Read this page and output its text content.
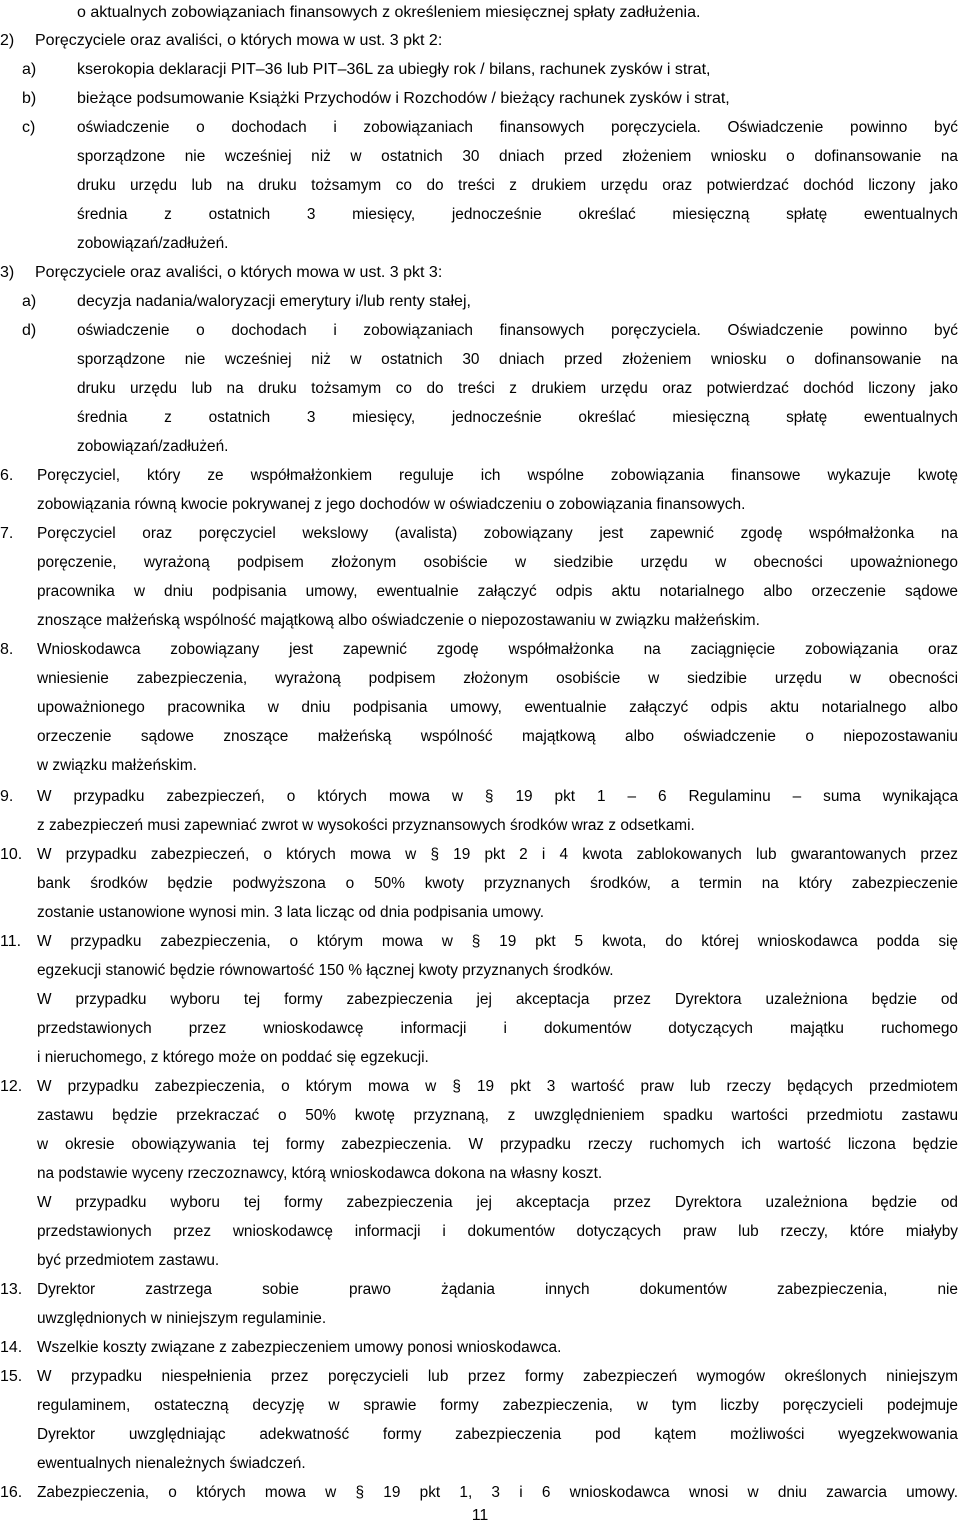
o aktualnych zobowiązaniach finansowych z określeniem miesięcznej spłaty zadłużenia.
2) Poręczyciele oraz avaliści, o których mowa w ust. 3 pkt 2:
a)	kserokopia deklaracji PIT–36 lub PIT–36L za ubiegły rok / bilans, rachunek zysków i strat,
b)	bieżące podsumowanie Książki Przychodów i Rozchodów / bieżący rachunek zysków i strat,
c)	oświadczenie o dochodach i zobowiązaniach finansowych poręczyciela. Oświadczenie powinno być
sporządzone nie wcześniej niż w ostatnich 30 dniach przed złożeniem wniosku o dofinansowanie na
druku urzędu lub na druku tożsamym co do treści z drukiem urzędu oraz potwierdzać dochód liczony jako
średnia z ostatnich 3 miesięcy, jednocześnie określać miesięczną spłatę ewentualnych
zobowiązań/zadłużeń.
3) Poręczyciele oraz avaliści, o których mowa w ust. 3 pkt 3:
a)	decyzja nadania/waloryzacji emerytury i/lub renty stałej,
d)	oświadczenie o dochodach i zobowiązaniach finansowych poręczyciela. Oświadczenie powinno być
sporządzone nie wcześniej niż w ostatnich 30 dniach przed złożeniem wniosku o dofinansowanie na
druku urzędu lub na druku tożsamym co do treści z drukiem urzędu oraz potwierdzać dochód liczony jako
średnia z ostatnich 3 miesięcy, jednocześnie określać miesięczną spłatę ewentualnych
zobowiązań/zadłużeń.
6. Poręczyciel, który ze współmałżonkiem reguluje ich wspólne zobowiązania finansowe wykazuje kwotę
zobowiązania równą kwocie pokrywanej z jego dochodów w oświadczeniu o zobowiązania finansowych.
7. Poręczyciel oraz poręczyciel wekslowy (avalista) zobowiązany jest zapewnić zgodę współmałżonka na
poręczenie, wyrażoną podpisem złożonym osobiście w siedzibie urzędu w obecności upoważnionego
pracownika w dniu podpisania umowy, ewentualnie załączyć odpis aktu notarialnego albo orzeczenie sądowe
znoszące małżeńską wspólność majątkową albo oświadczenie o niepozostawaniu w związku małżeńskim.
8. Wnioskodawca zobowiązany jest zapewnić zgodę współmałżonka na zaciągnięcie zobowiązania oraz
wniesienie zabezpieczenia, wyrażoną podpisem złożonym osobiście w siedzibie urzędu w obecności
upoważnionego pracownika w dniu podpisania umowy, ewentualnie załączyć odpis aktu notarialnego albo
orzeczenie sądowe znoszące małżeńską wspólność majątkową albo oświadczenie o niepozostawaniu
w związku małżeńskim.
9. W przypadku zabezpieczeń, o których mowa w § 19 pkt 1 – 6 Regulaminu – suma wynikająca
z zabezpieczeń musi zapewniać zwrot w wysokości przyznansowych środków wraz z odsetkami.
10. W przypadku zabezpieczeń, o których mowa w § 19 pkt 2 i 4 kwota zablokowanych lub gwarantowanych przez
bank środków będzie podwyższona o 50% kwoty przyznanych środków, a termin na który zabezpieczenie
zostanie ustanowione wynosi min. 3 lata licząc od dnia podpisania umowy.
11. W przypadku zabezpieczenia, o którym mowa w § 19 pkt 5 kwota, do której wnioskodawca podda się
egzekucji stanowić będzie równowartość 150 % łącznej kwoty przyznanych środków.
W przypadku wyboru tej formy zabezpieczenia jej akceptacja przez Dyrektora uzależniona będzie od
przedstawionych przez wnioskodawcę informacji i dokumentów dotyczących majątku ruchomego
i nieruchomego, z którego może on poddać się egzekucji.
12. W przypadku zabezpieczenia, o którym mowa w § 19 pkt 3 wartość praw lub rzeczy będących przedmiotem
zastawu będzie przekraczać o 50% kwotę przyznaną, z uwzględnieniem spadku wartości przedmiotu zastawu
w okresie obowiązywania tej formy zabezpieczenia. W przypadku rzeczy ruchomych ich wartość liczona będzie
na podstawie wyceny rzeczoznawcy, którą wnioskodawca dokona na własny koszt.
W przypadku wyboru tej formy zabezpieczenia jej akceptacja przez Dyrektora uzależniona będzie od
przedstawionych przez wnioskodawcę informacji i dokumentów dotyczących praw lub rzeczy, które miałyby
być przedmiotem zastawu.
13. Dyrektor zastrzega sobie prawo żądania innych dokumentów zabezpieczenia, nie
uwzględnionych w niniejszym regulaminie.
14. Wszelkie koszty związane z zabezpieczeniem umowy ponosi wnioskodawca.
15. W przypadku niespełnienia przez poręczycieli lub przez formy zabezpieczeń wymogów określonych niniejszym
regulaminem, ostateczną decyzję w sprawie formy zabezpieczenia, w tym liczby poręczycieli podejmuje
Dyrektor uwzględniając adekwatność formy zabezpieczenia pod kątem możliwości wyegzekwowania
ewentualnych nienależnych świadczeń.
16. Zabezpieczenia, o których mowa w § 19 pkt 1, 3 i 6 wnioskodawca wnosi w dniu zawarcia umowy.
11
